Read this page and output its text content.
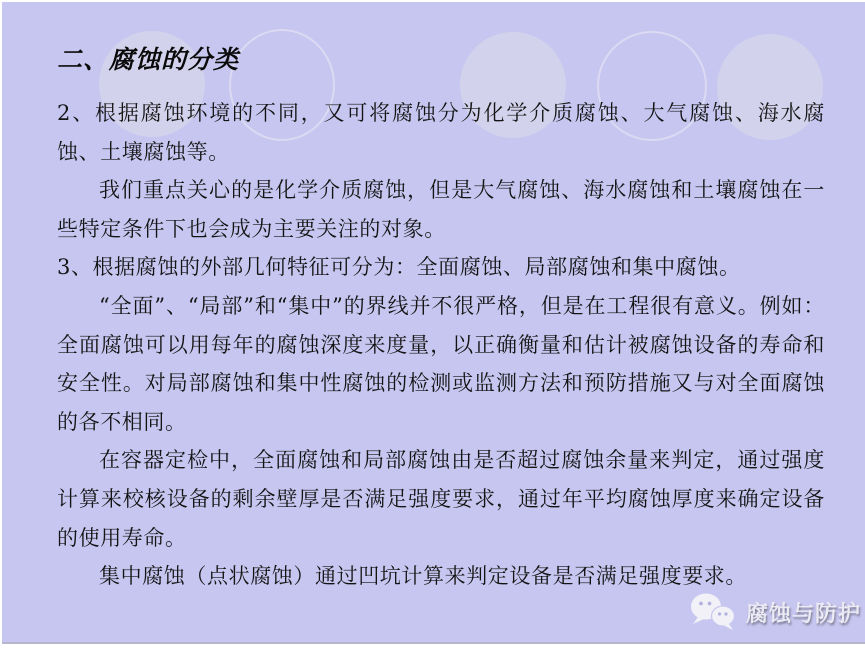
二、腐蚀的分类

2、根据腐蚀环境的不同，又可将腐蚀分为化学介质腐蚀、大气腐蚀、海水腐蚀、土壤腐蚀等。

我们重点关心的是化学介质腐蚀，但是大气腐蚀、海水腐蚀和土壤腐蚀在一些特定条件下也会成为主要关注的对象。

3、根据腐蚀的外部几何特征可分为：全面腐蚀、局部腐蚀和集中腐蚀。

“全面”、“局部”和“集中”的界线并不很严格，但是在工程很有意义。例如：全面腐蚀可以用每年的腐蚀深度来度量，以正确衡量和估计被腐蚀设备的寿命和安全性。对局部腐蚀和集中性腐蚀的检测或监测方法和预防措施又与对全面腐蚀的各不相同。

在容器定检中，全面腐蚀和局部腐蚀由是否超过腐蚀余量来判定，通过强度计算来校核设备的剩余壁厚是否满足强度要求，通过年平均腐蚀厚度来确定设备的使用寿命。

集中腐蚀（点状腐蚀）通过凹坑计算来判定设备是否满足强度要求。

腐蚀与防护
